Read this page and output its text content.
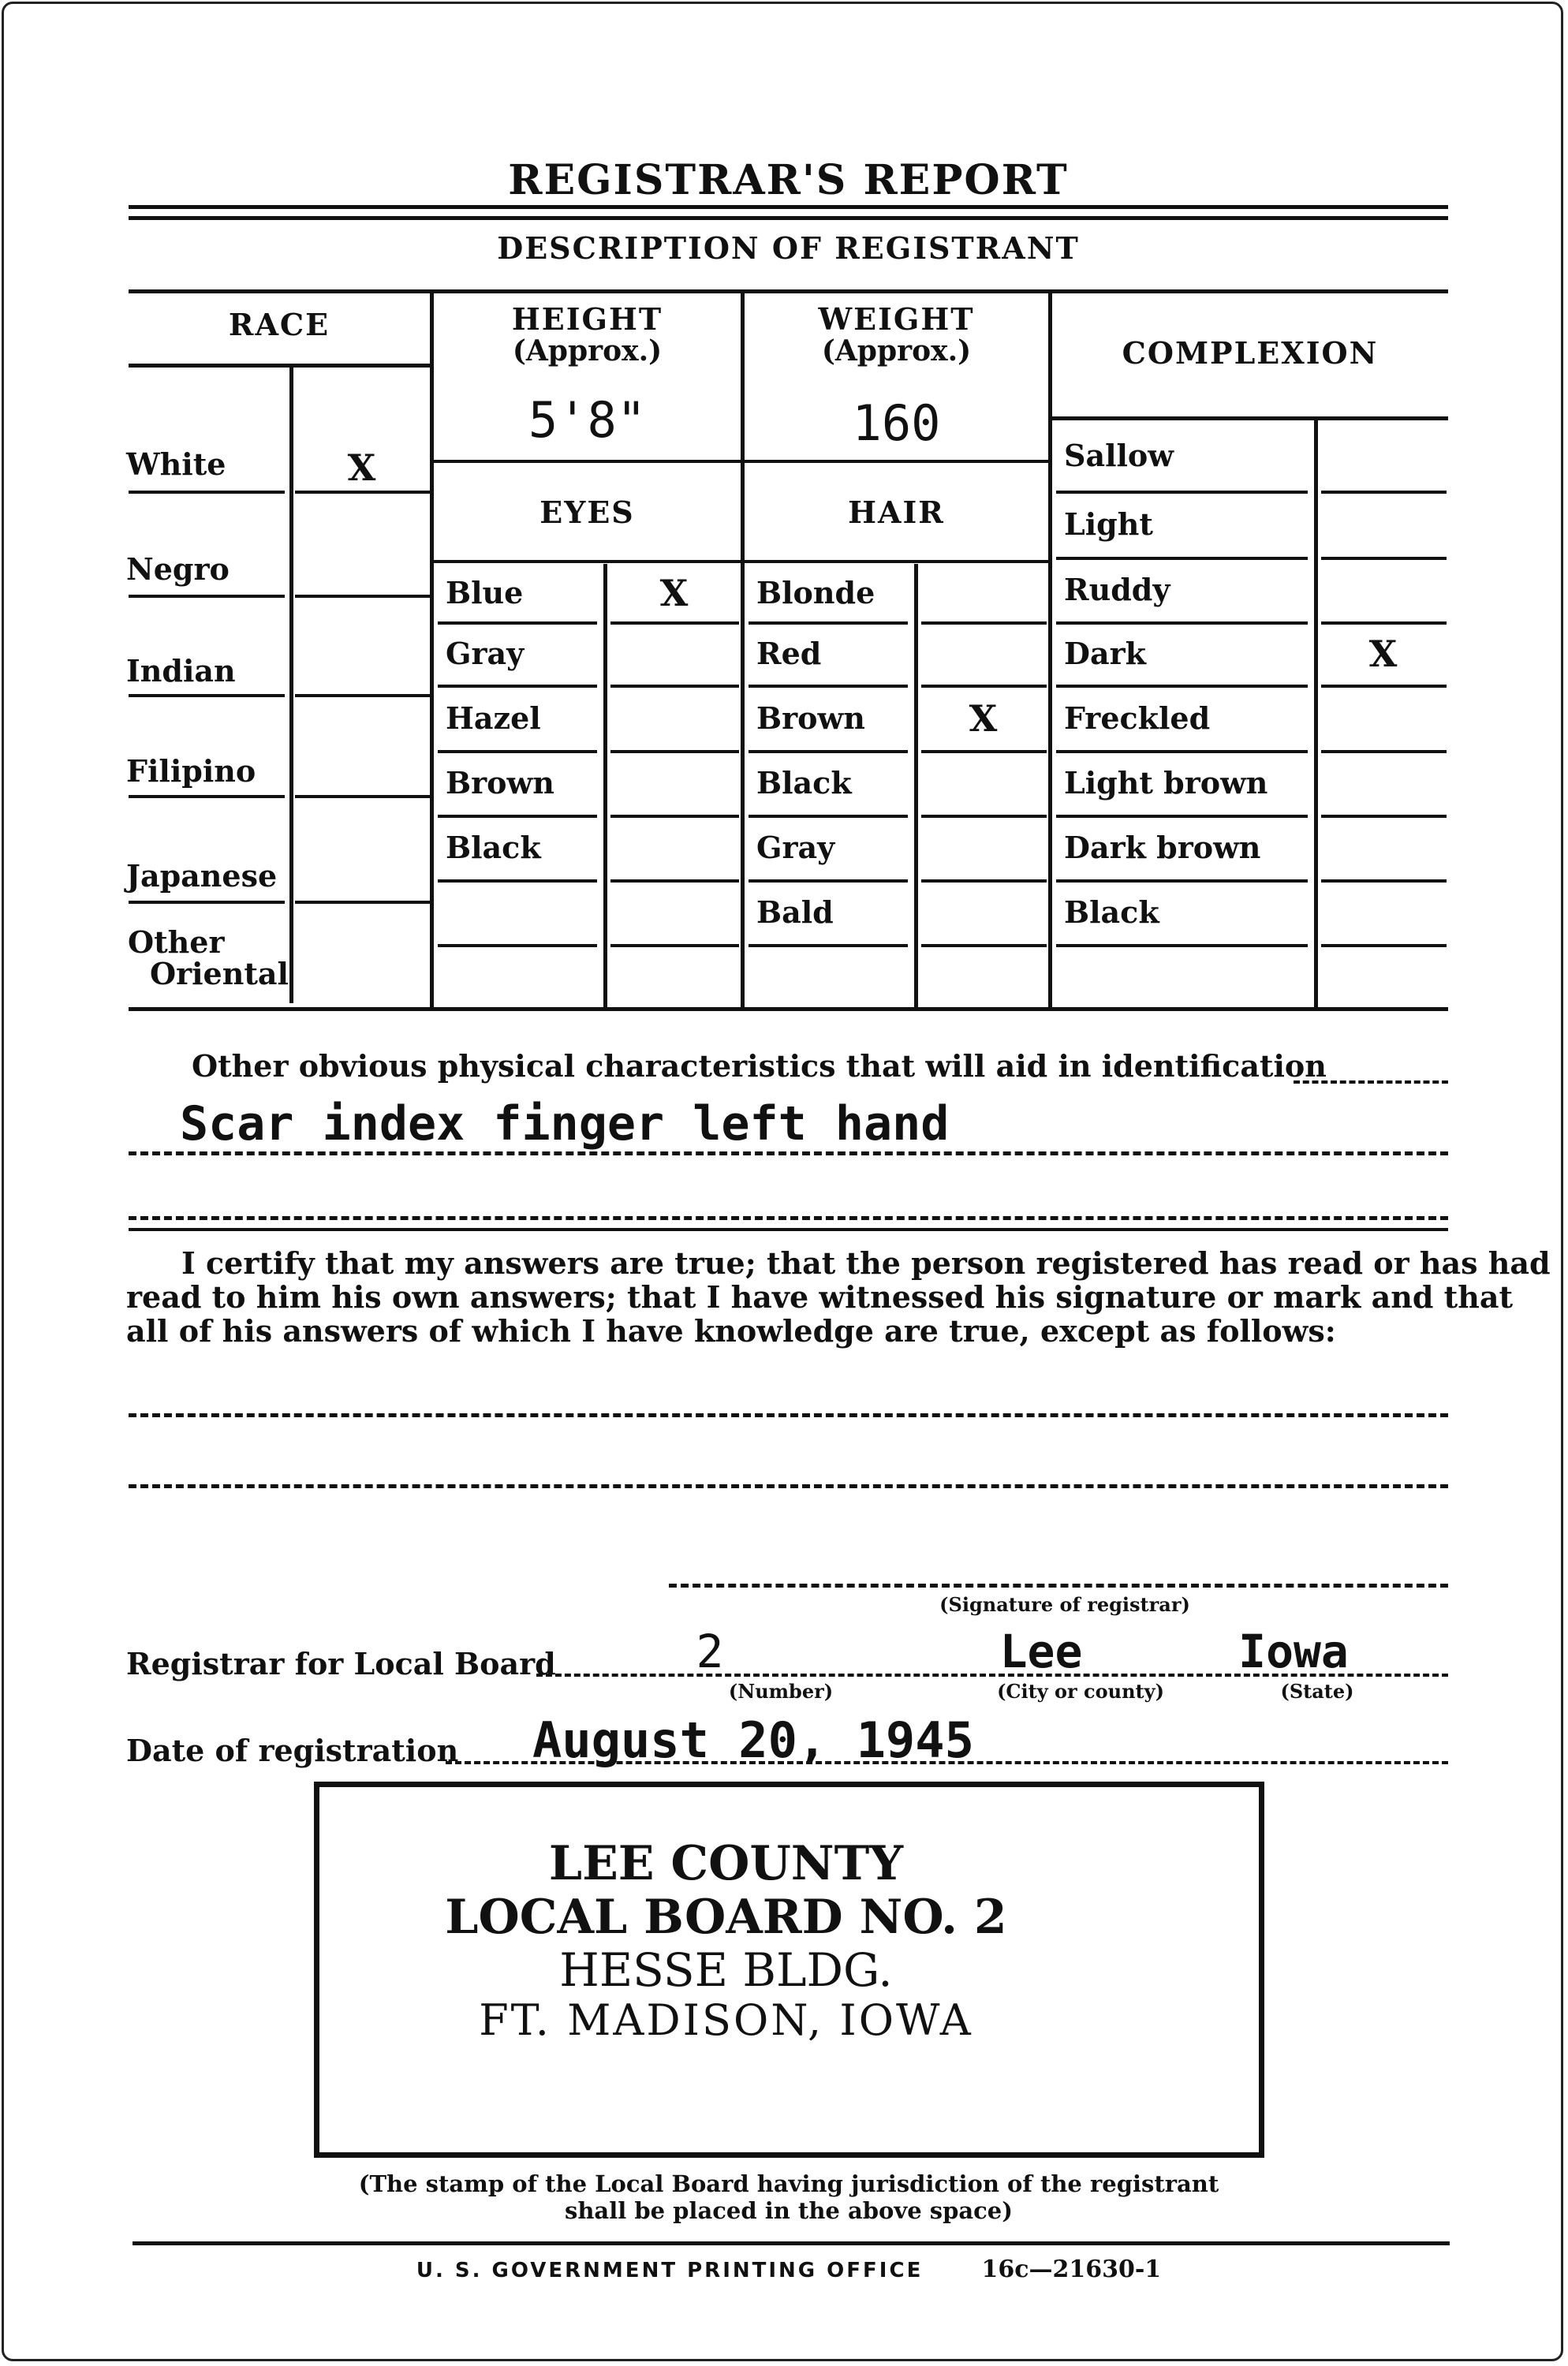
REGISTRAR'S REPORT
DESCRIPTION OF REGISTRANT
RACE
White	X
Negro
Indian
Filipino
Japanese
Other
Oriental
HEIGHT
(Approx.)
5'8"
WEIGHT
(Approx.)
160
EYES	HAIR
COMPLEXION
Blue	X
Gray
Hazel
Brown
Black
Blonde
Red
Brown	X
Black
Gray
Bald
Sallow
Light
Ruddy
Dark	X
Freckled
Light brown
Dark brown
Black
Other obvious physical characteristics that will aid in identification
Scar index finger left hand
I certify that my answers are true; that the person registered has read or has had
read to him his own answers; that I have witnessed his signature or mark and that
all of his answers of which I have knowledge are true, except as follows:
(Signature of registrar)
Registrar for Local Board	2	Lee	Iowa
(Number)	(City or county)	(State)
Date of registration August 20, 1945
LEE COUNTY
LOCAL BOARD NO. 2
HESSE BLDG.
FT. MADISON, IOWA
(The stamp of the Local Board having jurisdiction of the registrant
shall be placed in the above space)
U. S. GOVERNMENT PRINTING OFFICE 16c—21630-1
